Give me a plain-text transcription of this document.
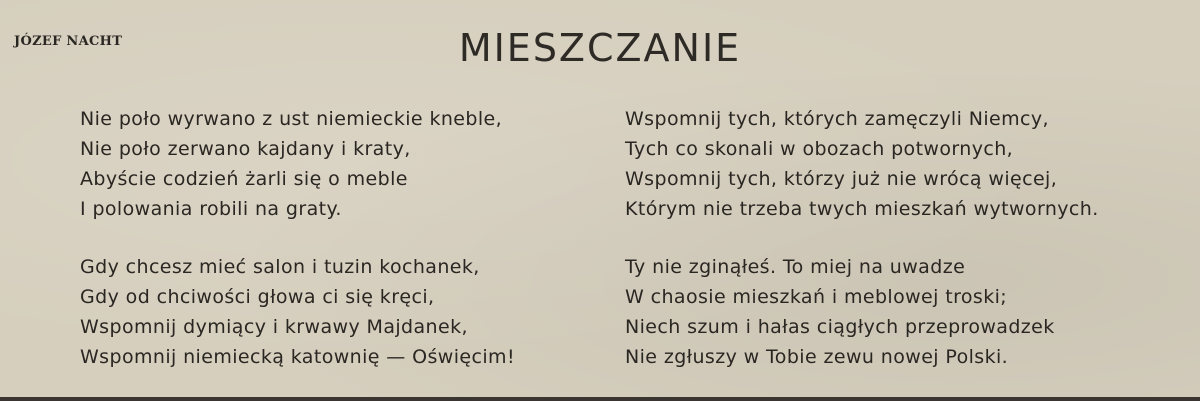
JÓZEF NACHT	MIESZCZANIE
Nie poło wyrwano z ust niemieckie kneble,
Nie poło zerwano kajdany i kraty,
Abyście codzień żarli się o meble
I polowania robili na graty.
Gdy chcesz mieć salon i tuzin kochanek,
Gdy od chciwości głowa ci się kręci,
Wspomnij dymiący i krwawy Majdanek,
Wspomnij niemiecką katownię — Oświęcim!
Wspomnij tych, których zamęczyli Niemcy,
Tych co skonali w obozach potwornych,
Wspomnij tych, którzy już nie wrócą więcej,
Którym nie trzeba twych mieszkań wytwornych.
Ty nie zginąłeś. To miej na uwadze
W chaosie mieszkań i meblowej troski;
Niech szum i hałas ciągłych przeprowadzek
Nie zgłuszy w Tobie zewu nowej Polski.
